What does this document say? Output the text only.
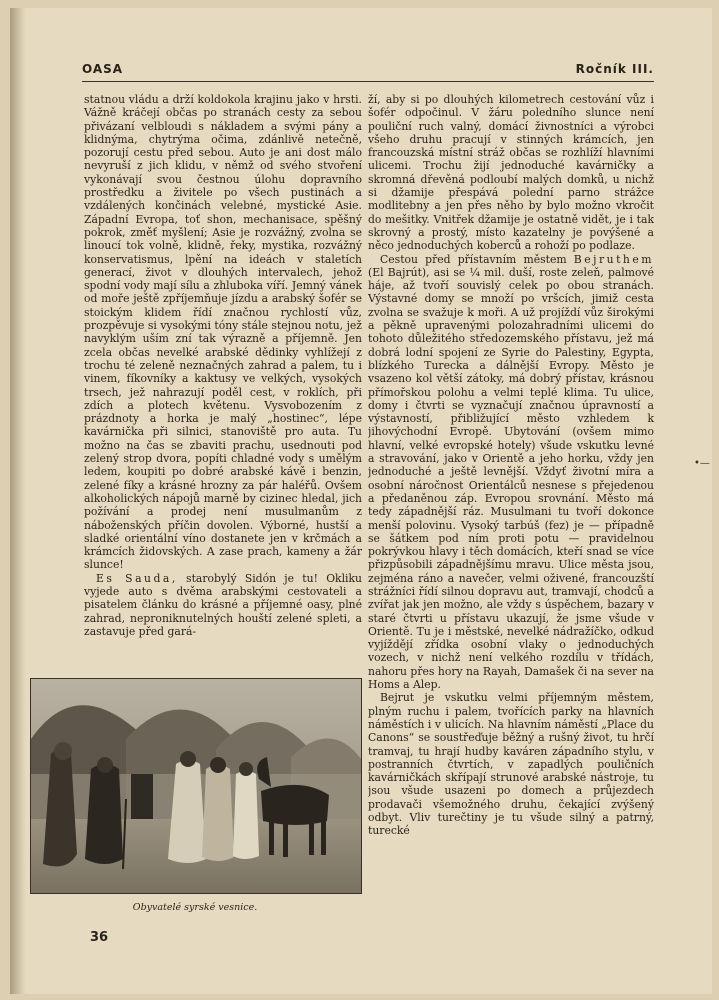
OASA	Ročník III.

statnou vládu a drží koldokola krajinu jako v hrsti. Vážně kráčejí občas po stranách cesty za sebou přivázaní velbloudi s nákladem a svými pány a klidnýma, chytrýma očima, zdánlivě netečně, pozorují cestu před sebou. Auto je ani dost málo nevyruší z jich klidu, v němž od svého stvoření vykonávají svou čestnou úlohu dopravního prostředku a živitele po všech pustinách a vzdálených končinách velebné, mystické Asie. Západní Evropa, toť shon, mechanisace, spěšný pokrok, změť myšlení; Asie je rozvážný, zvolna se linoucí tok volně, klidně, řeky, mystika, rozvážný konservatismus, lpění na ideách v staletích generací, život v dlouhých intervalech, jehož spodní vody mají sílu a zhluboka víří. Jemný vánek od moře ještě zpříjemňuje jízdu a arabský šofér se stoickým klidem řídí značnou rychlostí vůz, prozpěvuje si vysokými tóny stále stejnou notu, jež navyklým uším zní tak výrazně a příjemně. Jen zcela občas nevelké arabské dědinky vyhlížejí z trochu té zeleně neznačných zahrad a palem, tu i vinem, fíkovníky a kaktusy ve velkých, vysokých trsech, jež nahrazují poděl cest, v roklích, při zdích a plotech květenu. Vysvobozením z prázdnoty a horka je malý „hostinec“, lépe kavárnička při silnici, stanoviště pro auta. Tu možno na čas se zbaviti prachu, usednouti pod zelený strop dvora, popíti chladné vody s umělým ledem, koupiti po dobré arabské kávě i benzin, zelené fíky a krásné hrozny za pár haléřů. Ovšem alkoholických nápojů marně by cizinec hledal, jich požívání a prodej není musulmanům z náboženských příčin dovolen. Výborné, hustší a sladké orientální víno dostanete jen v krčmách a krámcích židovských. A zase prach, kameny a žár slunce!

Es Sauda, starobylý Sidón je tu! Okliku vyjede auto s dvěma arabskými cestovateli a pisatelem článku do krásné a příjemné oasy, plné zahrad, neproniknutelných houští zelené spleti, a zastavuje před gará-

ží, aby si po dlouhých kilometrech cestování vůz i šofér odpočinul. V žáru poledního slunce není pouliční ruch valný, domácí živnostníci a výrobci všeho druhu pracují v stinných krámcích, jen francouzská místní stráž občas se rozhlíží hlavními ulicemi. Trochu žijí jednoduché kavárničky a skromná dřevěná podloubí malých domků, u nichž si džamije přespává polední parno strážce modlitebny a jen přes něho by bylo možno vkročit do mešitky. Vnitřek džamije je ostatně vidět, je i tak skrovný a prostý, místo kazatelny je povýšené a něco jednoduchých koberců a rohoží po podlaze.

Cestou před přístavním městem Bejruthem (El Bajrút), asi se ¼ mil. duší, roste zeleň, palmové háje, až tvoří souvislý celek po obou stranách. Výstavné domy se množí po vršcích, jimiž cesta zvolna se svažuje k moři. A už projíždí vůz širokými a pěkně upravenými polozahradními ulicemi do tohoto důležitého středozemského přístavu, jež má dobrá lodní spojení ze Syrie do Palestiny, Egypta, blízkého Turecka a dálnější Evropy. Město je vsazeno kol větší zátoky, má dobrý přístav, krásnou přímořskou polohu a velmi teplé klima. Tu ulice, domy i čtvrti se vyznačují značnou úpravností a výstavností, přibližující město vzhledem k jihovýchodní Evropě. Ubytování (ovšem mimo hlavní, velké evropské hotely) všude vskutku levné a stravování, jako v Orientě a jeho horku, vždy jen jednoduché a ještě levnější. Vždyť životní míra a osobní náročnost Orientálců nesnese s přejedenou a předaněnou záp. Evropou srovnání. Město má tedy západnější ráz. Musulmani tu tvoří dokonce menší polovinu. Vysoký tarbúš (fez) je — případně se šátkem pod ním proti potu — pravidelnou pokrývkou hlavy i těch domácích, kteří snad se více přizpůsobili západnějšímu mravu. Ulice města jsou, zejména ráno a navečer, velmi oživené, francouzští strážníci řídí silnou dopravu aut, tramvají, chodců a zvířat jak jen možno, ale vždy s úspěchem, bazary v staré čtvrti u přístavu ukazují, že jsme všude v Orientě. Tu je i městské, nevelké nádražíčko, odkud vyjíždějí zřídka osobní vlaky o jednoduchých vozech, v nichž není velkého rozdílu v třídách, nahoru přes hory na Rayah, Damašek či na sever na Homs a Alep.

Bejrut je vskutku velmi příjemným městem, plným ruchu i palem, tvořících parky na hlavních náměstích i v ulicích. Na hlavním náměstí „Place du Canons“ se soustřeďuje běžný a rušný život, tu hrčí tramvaj, tu hrají hudby kaváren západního stylu, v postranních čtvrtích, v zapadlých pouličních kavárničkách skřípají strunové arabské nástroje, tu jsou všude usazeni po domech a průjezdech prodavači všemožného druhu, čekající zvýšený odbyt. Vliv turečtiny je tu všude silný a patrný, turecké

Obyvatelé syrské vesnice.
36
•—
